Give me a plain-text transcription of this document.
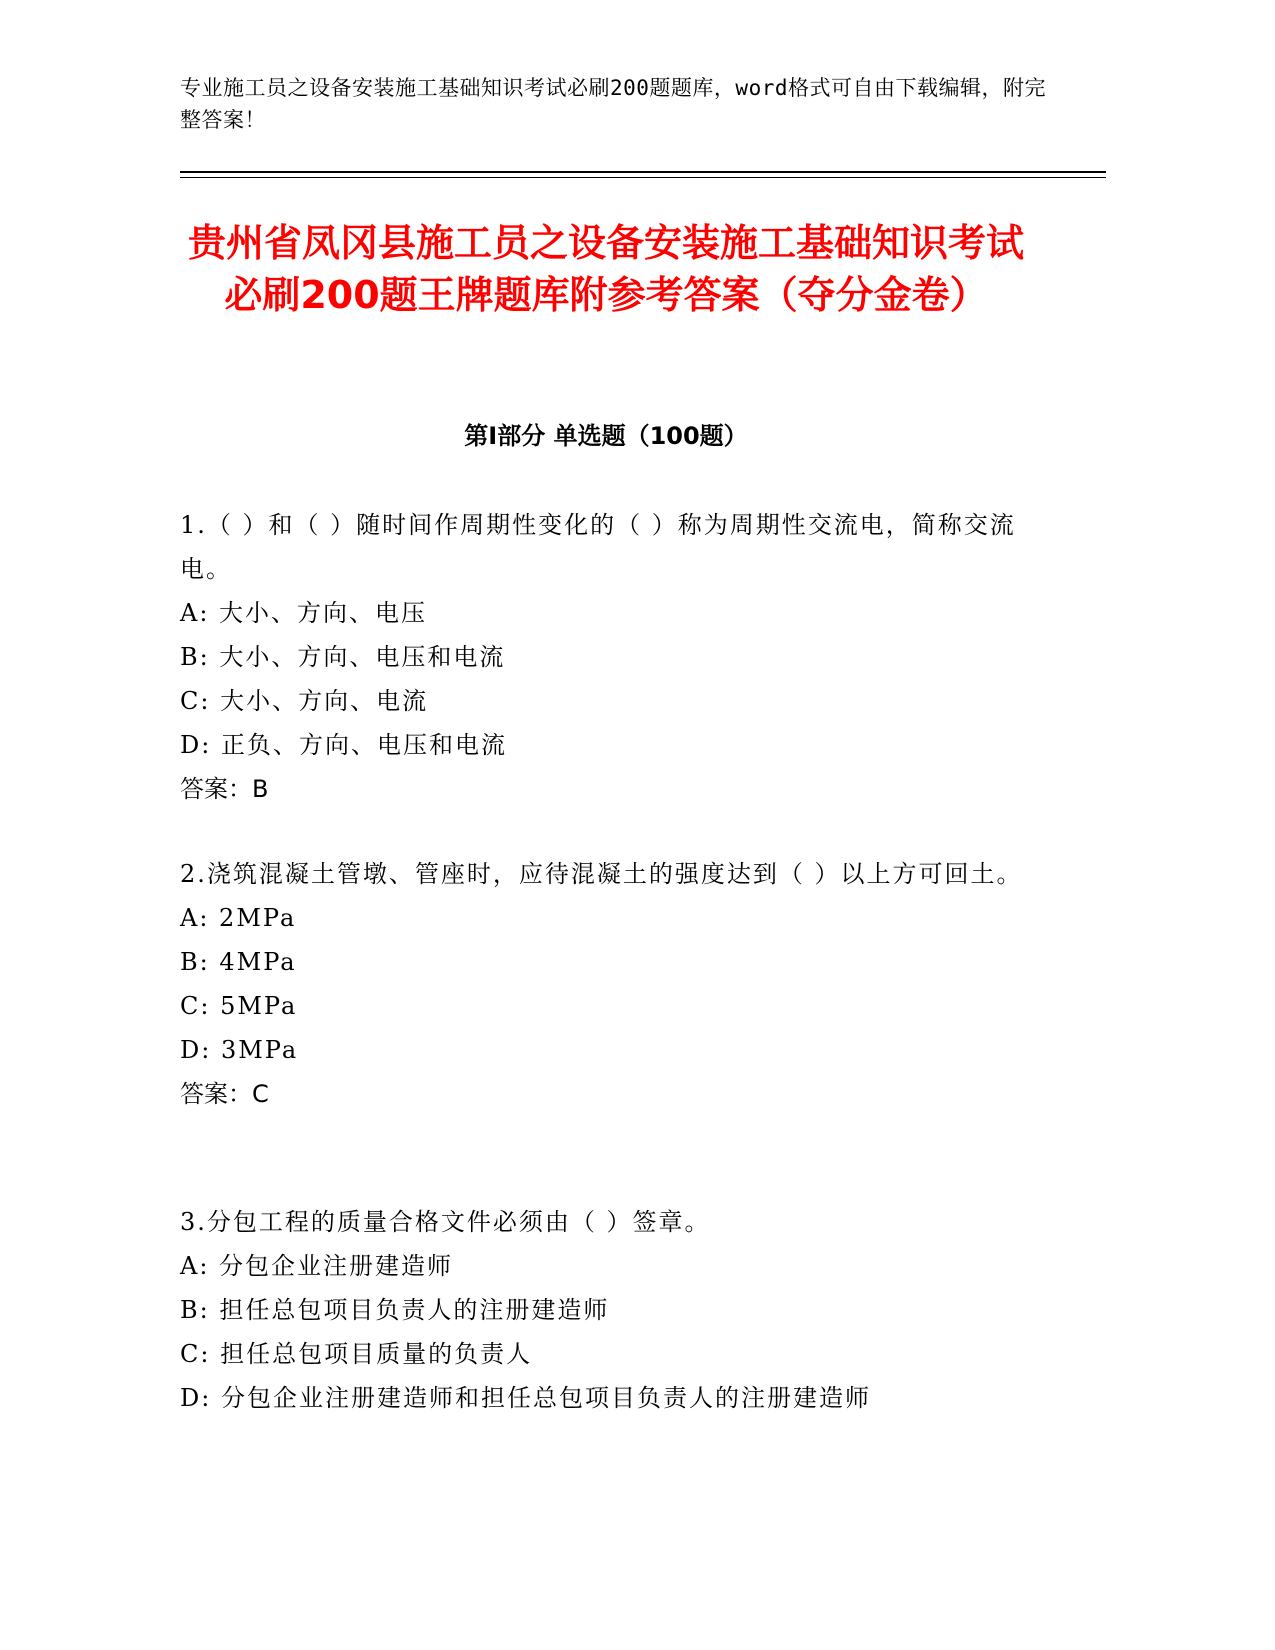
专业施工员之设备安装施工基础知识考试必刷200题题库，word格式可自由下载编辑，附完整答案！
贵州省凤冈县施工员之设备安装施工基础知识考试必刷200题王牌题库附参考答案（夺分金卷）
第I部分 单选题（100题）

1.（ ）和（ ）随时间作周期性变化的（ ）称为周期性交流电，简称交流电。

A: 大小、方向、电压

B: 大小、方向、电压和电流

C: 大小、方向、电流

D: 正负、方向、电压和电流

答案：B

2.浇筑混凝土管墩、管座时，应待混凝土的强度达到（ ）以上方可回土。

A: 2MPa

B: 4MPa

C: 5MPa

D: 3MPa

答案：C

3.分包工程的质量合格文件必须由（ ）签章。

A: 分包企业注册建造师

B: 担任总包项目负责人的注册建造师

C: 担任总包项目质量的负责人

D: 分包企业注册建造师和担任总包项目负责人的注册建造师
